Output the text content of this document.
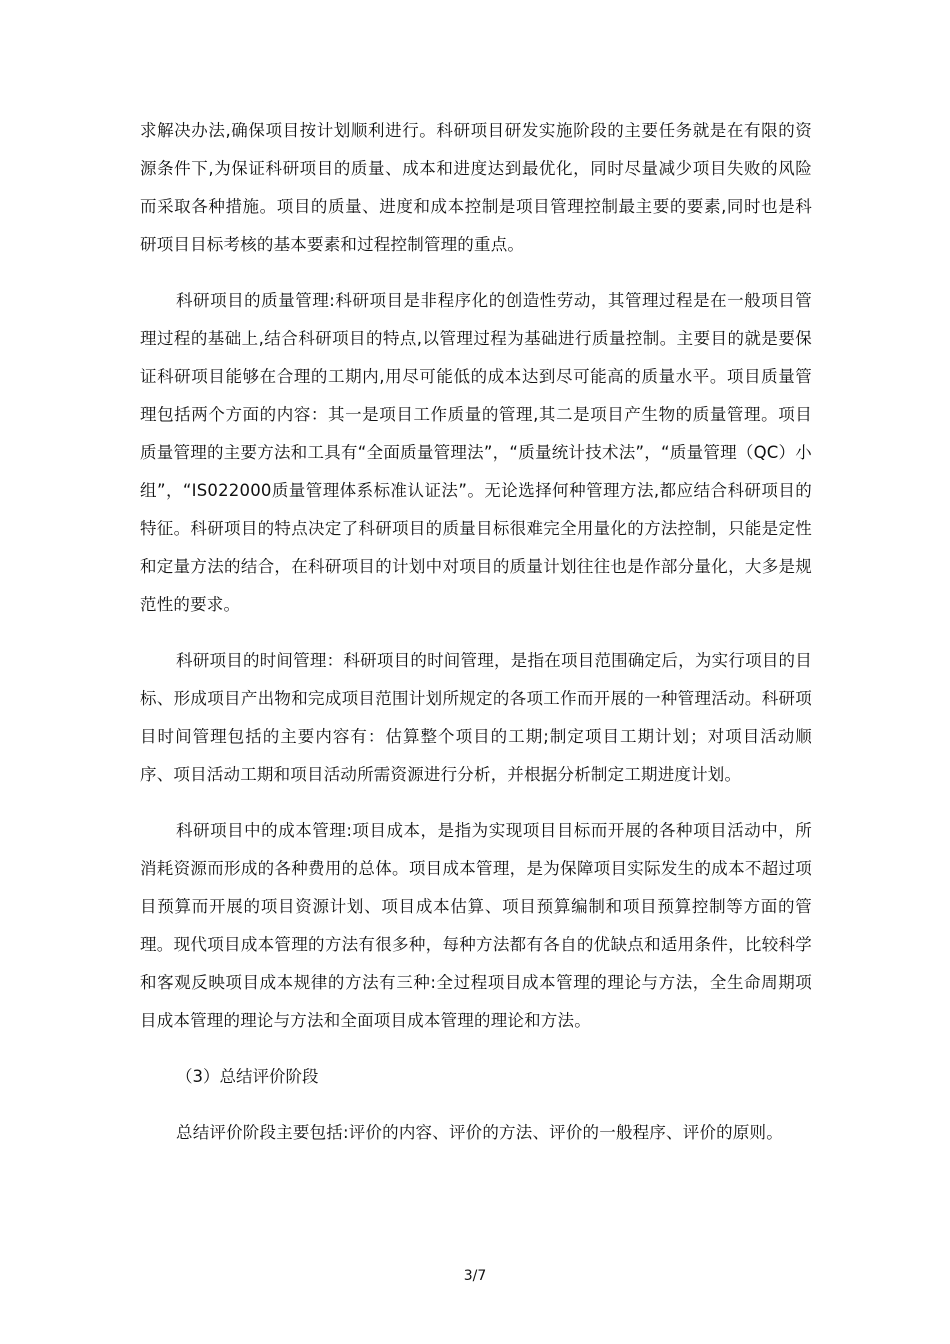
求解决办法,确保项目按计划顺利进行。科研项目研发实施阶段的主要任务就是在有限的资源条件下,为保证科研项目的质量、成本和进度达到最优化，同时尽量减少项目失败的风险而采取各种措施。项目的质量、进度和成本控制是项目管理控制最主要的要素,同时也是科研项目目标考核的基本要素和过程控制管理的重点。

科研项目的质量管理:科研项目是非程序化的创造性劳动，其管理过程是在一般项目管理过程的基础上,结合科研项目的特点,以管理过程为基础进行质量控制。主要目的就是要保证科研项目能够在合理的工期内,用尽可能低的成本达到尽可能高的质量水平。项目质量管理包括两个方面的内容：其一是项目工作质量的管理,其二是项目产生物的质量管理。项目质量管理的主要方法和工具有“全面质量管理法”，“质量统计技术法”，“质量管理（QC）小组”，“IS022000质量管理体系标准认证法”。无论选择何种管理方法,都应结合科研项目的特征。科研项目的特点决定了科研项目的质量目标很难完全用量化的方法控制，只能是定性和定量方法的结合，在科研项目的计划中对项目的质量计划往往也是作部分量化，大多是规范性的要求。

科研项目的时间管理：科研项目的时间管理，是指在项目范围确定后，为实行项目的目标、形成项目产出物和完成项目范围计划所规定的各项工作而开展的一种管理活动。科研项目时间管理包括的主要内容有：估算整个项目的工期;制定项目工期计划；对项目活动顺序、项目活动工期和项目活动所需资源进行分析，并根据分析制定工期进度计划。

科研项目中的成本管理:项目成本，是指为实现项目目标而开展的各种项目活动中，所消耗资源而形成的各种费用的总体。项目成本管理，是为保障项目实际发生的成本不超过项目预算而开展的项目资源计划、项目成本估算、项目预算编制和项目预算控制等方面的管理。现代项目成本管理的方法有很多种，每种方法都有各自的优缺点和适用条件，比较科学和客观反映项目成本规律的方法有三种:全过程项目成本管理的理论与方法，全生命周期项目成本管理的理论与方法和全面项目成本管理的理论和方法。

（3）总结评价阶段

总结评价阶段主要包括:评价的内容、评价的方法、评价的一般程序、评价的原则。

3/7
